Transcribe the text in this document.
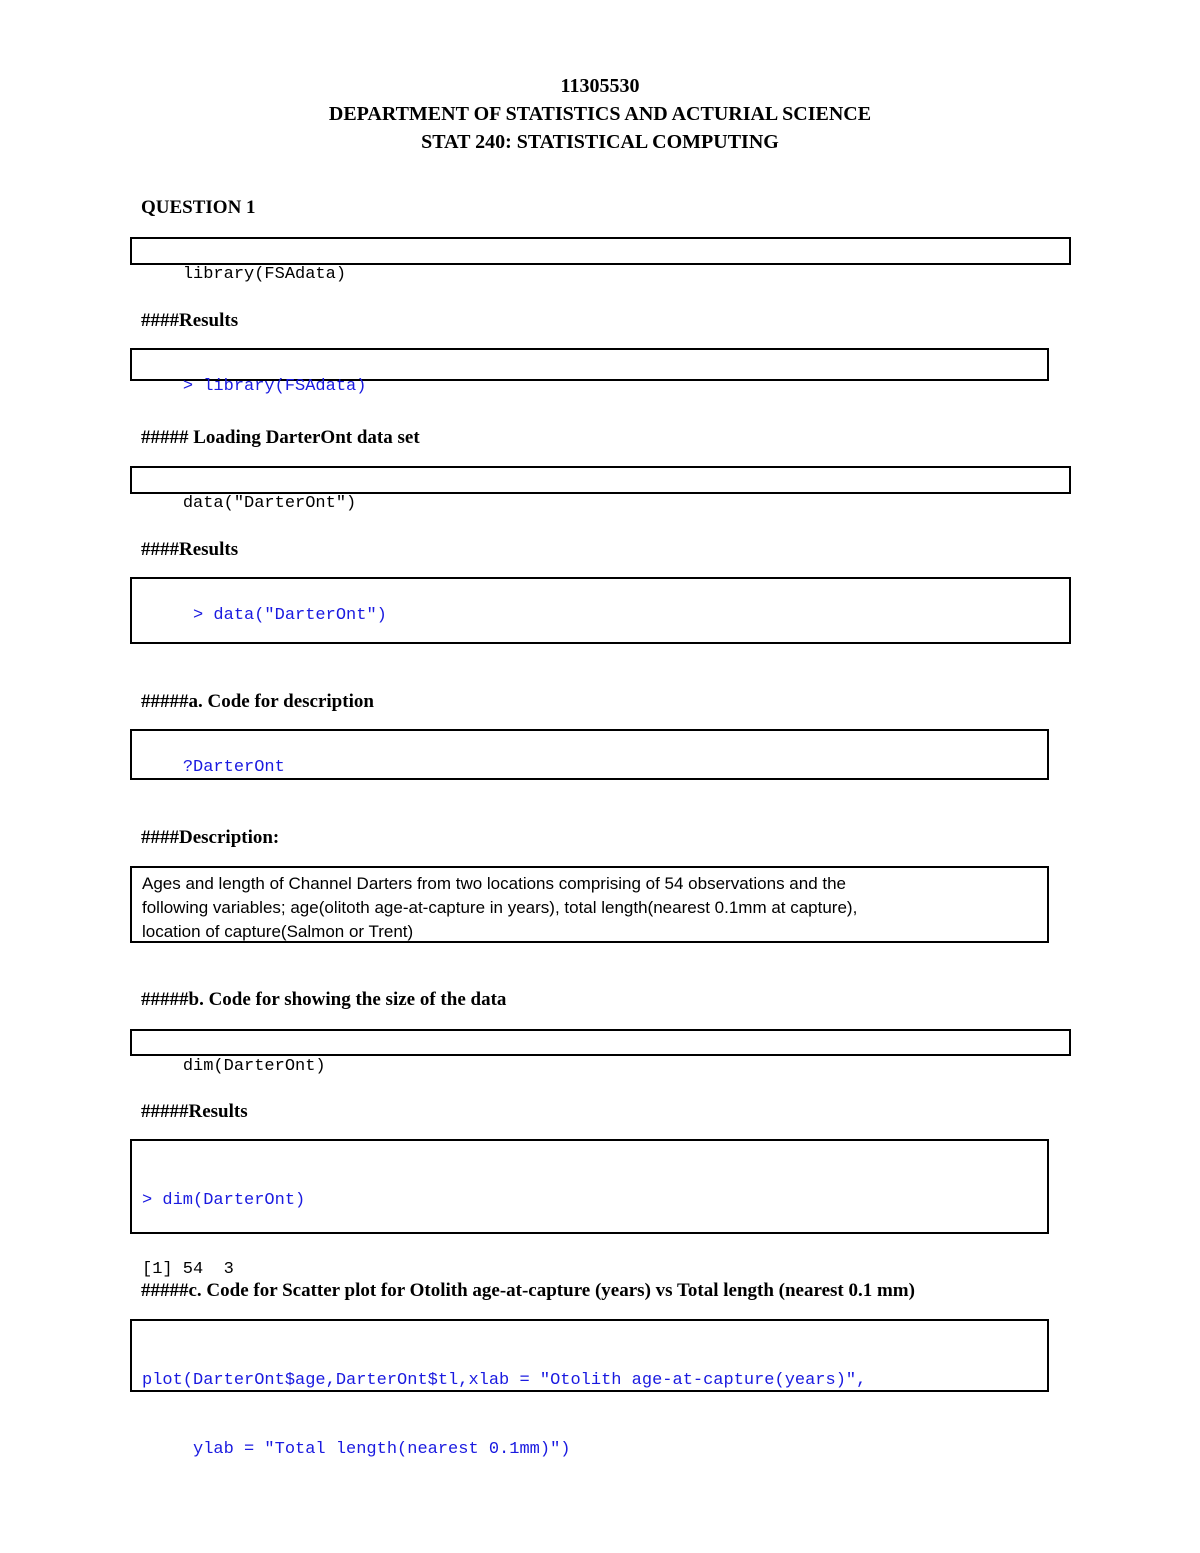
11305530
DEPARTMENT OF STATISTICS AND ACTURIAL SCIENCE
STAT 240: STATISTICAL COMPUTING
QUESTION 1

library(FSAdata)

####Results

> library(FSAdata)

##### Loading DarterOnt data set

data("DarterOnt")

####Results

> data("DarterOnt")

#####a. Code for description

?DarterOnt

####Description:
Ages and length of Channel Darters from two locations comprising of 54 observations and the
following variables; age(olitoth age-at-capture in years), total length(nearest 0.1mm at capture),
location of capture(Salmon or Trent)
#####b. Code for showing the size of the data

dim(DarterOnt)

#####Results

> dim(DarterOnt)

[1] 54  3

#####c. Code for Scatter plot for Otolith age-at-capture (years) vs Total length (nearest 0.1 mm)

plot(DarterOnt$age,DarterOnt$tl,xlab = "Otolith age-at-capture(years)",

ylab = "Total length(nearest 0.1mm)")
